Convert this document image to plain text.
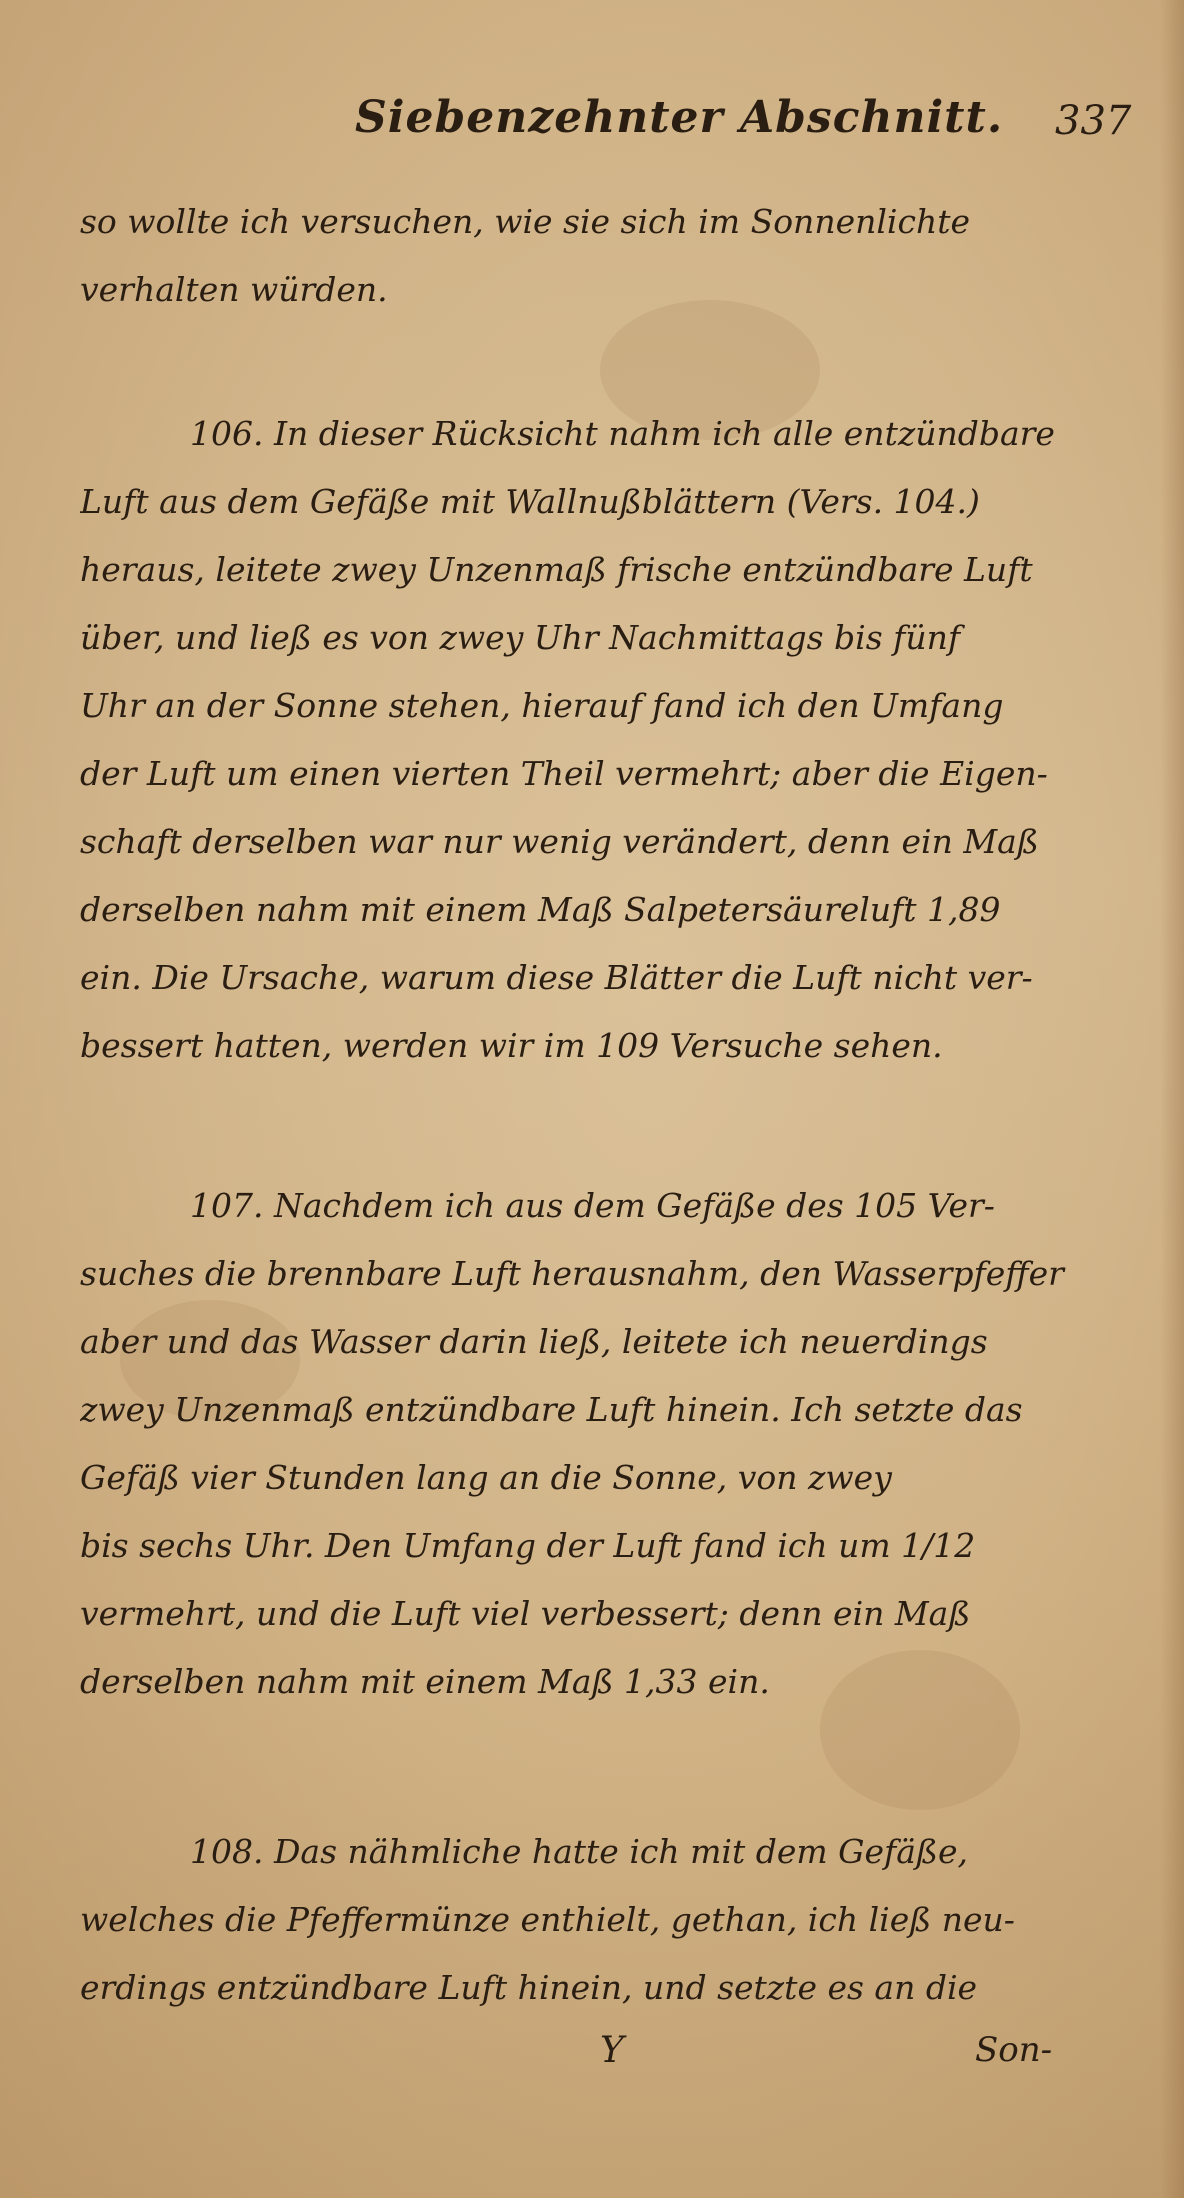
Siebenzehnter Abschnitt. 337
so wollte ich versuchen, wie sie sich im Sonnenlichte
verhalten würden.
106. In dieser Rücksicht nahm ich alle entzündbare
Luft aus dem Gefäße mit Wallnußblättern (Vers. 104.)
heraus, leitete zwey Unzenmaß frische entzündbare Luft
über, und ließ es von zwey Uhr Nachmittags bis fünf
Uhr an der Sonne stehen, hierauf fand ich den Umfang
der Luft um einen vierten Theil vermehrt; aber die Eigen-
schaft derselben war nur wenig verändert, denn ein Maß
derselben nahm mit einem Maß Salpetersäureluft 1,89
ein. Die Ursache, warum diese Blätter die Luft nicht ver-
bessert hatten, werden wir im 109 Versuche sehen.
107. Nachdem ich aus dem Gefäße des 105 Ver-
suches die brennbare Luft herausnahm, den Wasserpfeffer
aber und das Wasser darin ließ, leitete ich neuerdings
zwey Unzenmaß entzündbare Luft hinein. Ich setzte das
Gefäß vier Stunden lang an die Sonne, von zwey
bis sechs Uhr. Den Umfang der Luft fand ich um 1/12
vermehrt, und die Luft viel verbessert; denn ein Maß
derselben nahm mit einem Maß 1,33 ein.
108. Das nähmliche hatte ich mit dem Gefäße,
welches die Pfeffermünze enthielt, gethan, ich ließ neu-
erdings entzündbare Luft hinein, und setzte es an die
Y	Son-
